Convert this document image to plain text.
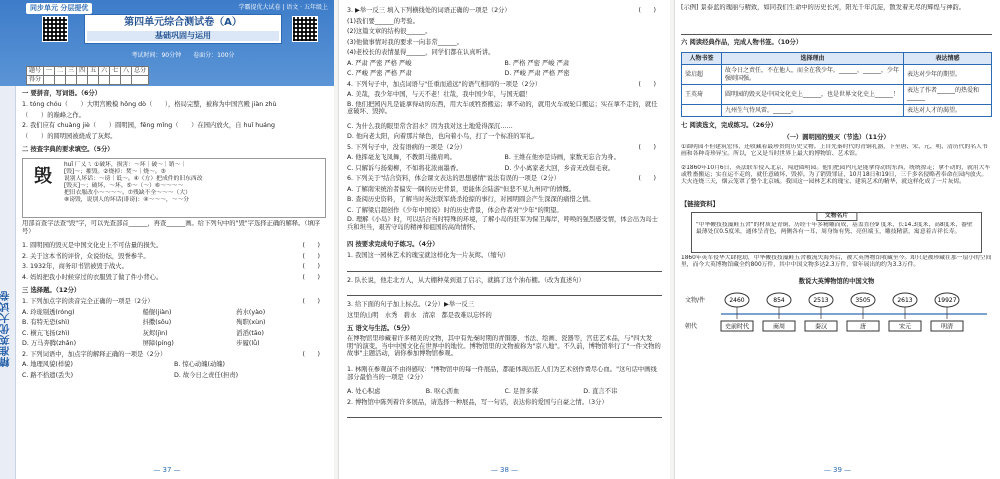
精准英优大试卷
同步单元 分层提优	学霸提优大试卷 | 语文 · 五年级上
第四单元综合测试卷（A）
基础巩固与运用
考试时间：90分钟　　卷面分：100分
题号	一	二	三	四	五	六	七	八	总分
得分									
一 要拼音，写词语。（6分）
1. tóng chóu（　　）大明宫殿模 hōng dò（　　），格局完整，被称为中国宫殿 jiàn zhù
（　　）的巅峰之作。
2. 我们应有 chuàng jiè（　　）圆明园，fēng mǐng（　　）在园内放火，自 huǐ huáng
（　　）的圆明园被烧成了灰烬。
二 按查字典的要求填空。（5分）
毁
huǐ 厂乂ㄟ ①破坏，损害：～坏｜破～｜销～｜
[毁]～；摧毁。②烧掉：焚～｜烧～。③
说别人坏话：～谤｜诋～。④（方）把成件的旧东西改
[毁灭]～；破坏、～坏。⑤～（～）⑥～～～～
把旧衣服改小～～～～。⑦残缺不全～～～（大）
⑧谤毁，说别人的坏话(诽谤)：④～～～，～～分
用部首查字法查"毁"字，可以先查部首______，再查______画。给下列句中的"毁"字选择正确的解释。（填序号）
1. 圆明园的毁灭是中国文化史上不可估量的损失。	(　　)
2. 关于这本书的评价，众说纷纭，毁誉参半。	(　　)
3. 1932年，商务印书馆被毁于战火。	(　　)
4. 妈妈把我小时候穿过的衣服毁了做了件小背心。	(　　)
三 选择题。（12分）
1. 下列加点字的读音完全正确的一项是（2分）	(　　)
A. 玲珑剔透(róng)	船舰(jiàn)	药水(yào)
B. 有特无恐(shì)	抖擞(sǒu)	殉职(xùn)
C. 横亢飞扬(zhì)	灰烬(jìn)	滔滔(tāo)
D. 万马奔腾(zhǎn)	屏障(píng)	步履(lǚ)
2. 下列词语中，加点字的解释正确的一项是（2分）	(　　)
A. 地理风貌(样貌)	B. 惊心动魄(动魄)
C. 路不拾遗(丢失)	D. 故今日之责任(担责)
— 37 —
3. ▶举一反三 填入下列横线处的词语正确的一项是（2分）	(　　)
(1)我们要______的考验。
(2)这篇文章的结构很______。
(3)他做事情对我的要求一向非常______。
(4)老校长的表情显得______，同学们都在认真听讲。
A. 严肃 严密 严格 严峻	B. 严格 严密 严峻 严肃
C. 严峻 严密 严格 严肃	D. 严峻 严肃 严格 严密
4. 下列句子中，加点词语与"任重而道远"的语气相同的一项是（2分）	(　　)
A. 美哉，我少年中国，与天不老！壮哉，我中国少年，与国无疆！
B. 他们把园内凡是能拿得动的东西，用大车或牲畜搬运；拿不动的，就用火车或轮口搬运；实在拿不走的，就任意破坏、毁掉。
C. 为什么我的眼里常含泪水？因为我对这土地爱得深沉……
D. 他向老太阳，向着那片绿色，也向着小鸟，打了一个标准的军礼。
5. 下列句子中，没有语病的一项是（2分）	(　　)
A. 他挥毫龙飞凤舞，不教朗马搂肩鸣。	B. 王维在他亦是诗画，家数无忘合为身。
C. 只解诉与扬菊柳，不如将花浓雨墨香。	D. 少小离家老大回，乡音无改鬓毛衰。
6. 下列关于"结合资料，体会课文表达的思想感情"说法有误的一项是（2分）	(　　)
A. 了解南宋统治者偏安一隅的历史背景，更能体会陆游"但悲不见九州同"的愤慨。
B. 查阅历史资料，了解当时英法联军烧杀抢掠的事行，对园明圆会产生深深的痛惜之情。
C. 了解梁启超创作《少年中国说》时的历史背景，体会作者对"少年"的期望。
D. 理解《小岛》时，可以结合当时特殊的环境，了解小岛的驻军为保卫海岸，呼唤的强烈感受情，体会出为岛士兵和坦当，艰苦守岛的精神和祖国的高尚情怀。
四 按要求完成句子练习。（4分）
1. 我国这一园林艺术的瑰宝就这样化为一片灰烬。（缩句）
2. 队长说，他走北方人，从大棚种菜到退了启示，就搞了这个油布棚。（改为直述句）
3. 给下面的句子加上标点。（2分）▶举一反三
这里的山明　水秀　碧水　清凉　都是我难以忘怀的
五 语文与生活。（5分）
在博物馆里珍藏着许多精美的文物，其中有先秦时期的青铜器、书法、绘画、瓷器等，宫廷艺术品，与"四大发明"的演变。当中中国文化在世界中的地位。博物馆里的文物被称为"京八地"。不久前，博物馆举行了"一件文物的故事"主题活动，请你参加博物馆参观。
1. 林刚在参观前不由得感叹："博物馆中的每一件展品，都能体现出匠人们为艺术创作费尽心血。"这句话中画线部分最恰当的一项是（2分）
A. 处心积虑	B. 呕心沥血	C. 足智多谋	D. 直言不讳
2. 博物馆中陈列着许多展品，请选择一种展品，写一句话，表达你的爱国与自豪之情。（3分）
— 38 —
[示例] 景泰蓝的瑰丽与精致，如同我们生命中的历史长河，阳光千年沉淀，散发着无尽的辉煌与神韵。
六 阅读经典作品，完成人物书签。（10分）
人物书签	选择理由	表达情感
梁启超	故今日之责任，不在他人，而全在我少年。______，______，少年强则国强。	表达对少年的期望。
王英琦	圆明园的毁灭是中国文化史上______，也是世界文化史上______！	表达了作者______的热爱和______
	九州生气恃风雷，______。	表达对人才的渴望。
七 阅读选文，完成练习。（26分）
（一）圆明园的毁灭（节选）（11分）
①圆明园不但建筑宏伟，还收藏着最珍贵的历史文物。上自先秦时代的青铜礼器，下至唐、宋、元、明、清历代的名人书画和各种奇珍异宝。所以，它又是当时世界上最大的博物馆、艺术馆。
②1860年10月6日，英法联军侵入北京，闯进圆明园。他们把园内凡是能拿得动的东西，统统掠走；拿不动的，就用大车或牲畜搬运；实在运不走的，就任意破坏、毁掉。为了销毁罪证，10月18日和19日，三千多名侵略者奉命在园内放火。大火连烧三天，烟云笼罩了整个北京城。我国这一园林艺术的瑰宝、建筑艺术的精华，就这样化成了一片灰烬。
【链接资料】
文物名片
"中华鞭技技藻鲑五舍"的材质是青铜，历经千年多精雕而成，基盖直径9 度米，长14.3度米，高8度米，器壁最薄处仅0.5度米，通体呈青色，两侧各有一耳，周身饰有隽、亮但端玉，雕技精湛，寓意着吉祥长寿。
1860年英军侵华大肆抢劫，中华鞭技技藻鲑五舍被流失海外后，被大英博物馆收藏至今。却只是被珍藏在那一扇小的空间里，而今大英博物馆藏全约800万件，其中中国文物多达2.3万件，常年展出的约为3.3万件。
数说大英博物馆的中国文物
文物/件
朝代
2460
史前时代
854
商周
2513
秦汉
3505
唐
2613
宋元
19927
明清
— 39 —
